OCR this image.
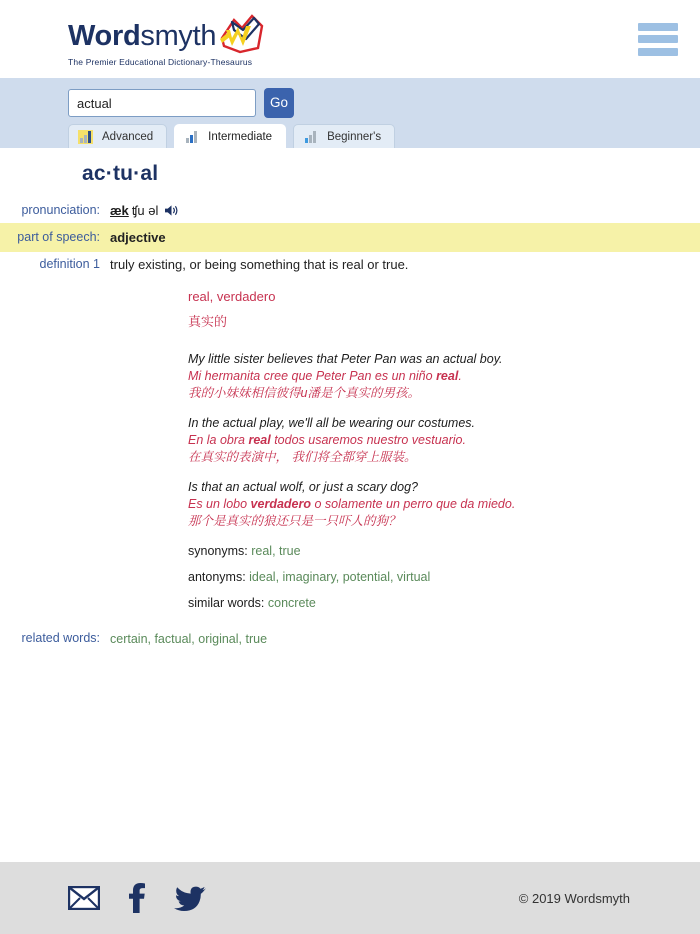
Word smyth
The Premier Educational Dictionary-Thesaurus
actual
Go
Advanced	Intermediate	Beginner's
ac·tu·al
pronunciation: æk ʧu əl
part of speech: adjective
definition 1 truly existing, or being something that is real or true.
real, verdadero
真实的
My little sister believes that Peter Pan was an actual boy.
Mi hermanita cree que Peter Pan es un niño real.
我的小妹妹相信彼得u潘是个真实的男孩。
In the actual play, we'll all be wearing our costumes.
En la obra real todos usaremos nuestro vestuario.
在真实的表演中， 我们将全都穿上服装。
Is that an actual wolf, or just a scary dog?
Es un lobo verdadero o solamente un perro que da miedo.
那个是真实的狼还只是一只吓人的狗？
synonyms: real, true
antonyms: ideal, imaginary, potential, virtual
similar words: concrete
related words: certain, factual, original, true
© 2019 Wordsmyth
